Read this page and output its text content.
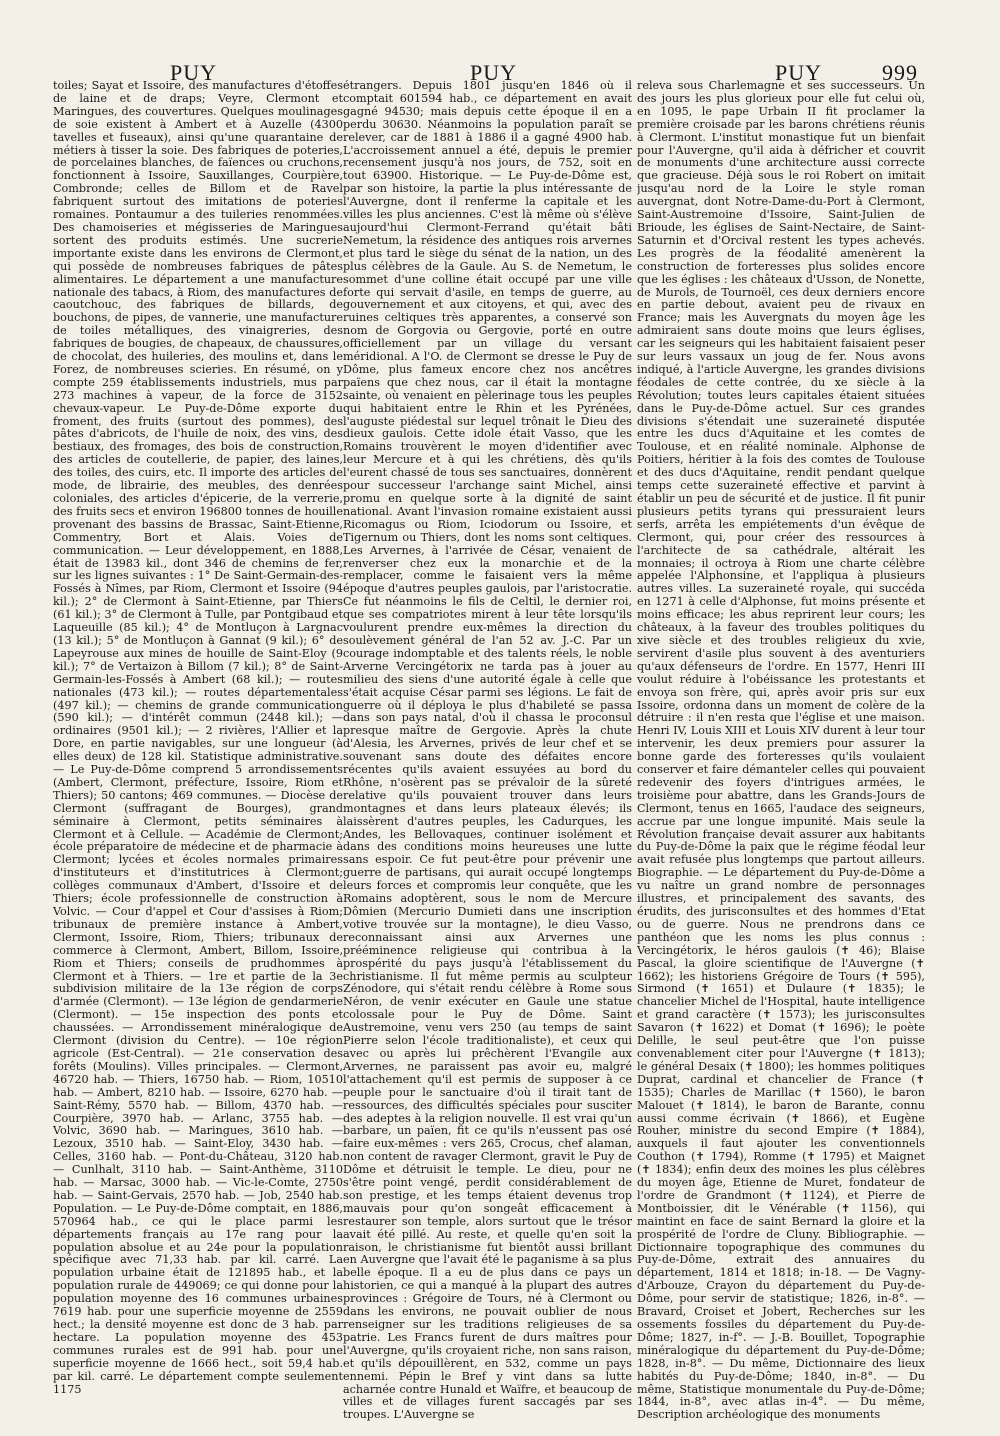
PUY	PUY	PUY	999

toiles; Sayat et Issoire, des manufactures d'étoffes de laine et de draps; Veyre, Clermont et Maringues, des couvertures. Quelques moulinages de soie existent à Ambert et à Auzelle (4300 tavelles et fuseaux), ainsi qu'une quarantaine de métiers à tisser la soie. Des fabriques de poteries, de porcelaines blanches, de faïences ou cruchons, fonctionnent à Issoire, Sauxillanges, Courpière, Combronde; celles de Billom et de Ravel fabriquent surtout des imitations de poteries romaines. Pontaumur a des tuileries renommées. Des chamoiseries et mégisseries de Maringues sortent des produits estimés. Une sucrerie importante existe dans les environs de Clermont, qui possède de nombreuses fabriques de pâtes alimentaires. Le département a une manufacture nationale des tabacs, à Riom, des manufactures de caoutchouc, des fabriques de billards, de bouchons, de pipes, de vannerie, une manufacture de toiles métalliques, des vinaigreries, des fabriques de bougies, de chapeaux, de chaussures, de chocolat, des huileries, des moulins et, dans le Forez, de nombreuses scieries. En résumé, on y compte 259 établissements industriels, mus par 273 machines à vapeur, de la force de 3152 chevaux-vapeur. Le Puy-de-Dôme exporte du froment, des fruits (surtout des pommes), des pâtes d'abricots, de l'huile de noix, des vins, des bestiaux, des fromages, des bois de construction, des articles de coutellerie, de papier, des laines, des toiles, des cuirs, etc. Il importe des articles de mode, de librairie, des meubles, des denrées coloniales, des articles d'épicerie, de la verrerie, des fruits secs et environ 196800 tonnes de houille provenant des bassins de Brassac, Saint-Etienne, Commentry, Bort et Alais. Voies de communication. — Leur développement, en 1888, était de 13983 kil., dont 346 de chemins de fer, sur les lignes suivantes : 1° De Saint-Germain-des-Fossés à Nîmes, par Riom, Clermont et Issoire (94 kil.); 2° de Clermont à Saint-Etienne, par Thiers (61 kil.); 3° de Clermont à Tulle, par Pontgibaud et Laqueuille (85 kil.); 4° de Montluçon à Largnac (13 kil.); 5° de Montluçon à Gannat (9 kil.); 6° de Lapeyrouse aux mines de houille de Saint-Eloy (9 kil.); 7° de Vertaizon à Billom (7 kil.); 8° de Saint-Germain-les-Fossés à Ambert (68 kil.); — routes nationales (473 kil.); — routes départementales (497 kil.); — chemins de grande communication (590 kil.); — d'intérêt commun (2448 kil.); — ordinaires (9501 kil.); — 2 rivières, l'Allier et la Dore, en partie navigables, sur une longueur (à elles deux) de 128 kil. Statistique administrative. — Le Puy-de-Dôme comprend 5 arrondissements (Ambert, Clermont, préfecture, Issoire, Riom et Thiers); 50 cantons; 469 communes. — Diocèse de Clermont (suffragant de Bourges), grand séminaire à Clermont, petits séminaires à Clermont et à Cellule. — Académie de Clermont; école préparatoire de médecine et de pharmacie à Clermont; lycées et écoles normales primaires d'instituteurs et d'institutrices à Clermont; collèges communaux d'Ambert, d'Issoire et de Thiers; école professionnelle de construction à Volvic. — Cour d'appel et Cour d'assises à Riom; tribunaux de première instance à Ambert, Clermont, Issoire, Riom, Thiers; tribunaux de commerce à Clermont, Ambert, Billom, Issoire, Riom et Thiers; conseils de prudhommes à Clermont et à Thiers. — 1re et partie de la 3e subdivision militaire de la 13e région de corps d'armée (Clermont). — 13e légion de gendarmerie (Clermont). — 15e inspection des ponts et chaussées. — Arrondissement minéralogique de Clermont (division du Centre). — 10e région agricole (Est-Central). — 21e conservation des forêts (Moulins). Villes principales. — Clermont, 46720 hab. — Thiers, 16750 hab. — Riom, 10510 hab. — Ambert, 8210 hab. — Issoire, 6270 hab. — Saint-Rémy, 5570 hab. — Billom, 4370 hab. — Courpière, 3970 hab. — Arlanc, 3755 hab. — Volvic, 3690 hab. — Maringues, 3610 hab. — Lezoux, 3510 hab. — Saint-Eloy, 3430 hab. — Celles, 3160 hab. — Pont-du-Château, 3120 hab. — Cunlhalt, 3110 hab. — Saint-Anthème, 3110 hab. — Marsac, 3000 hab. — Vic-le-Comte, 2750 hab. — Saint-Gervais, 2570 hab. — Job, 2540 hab. Population. — Le Puy-de-Dôme comptait, en 1886, 570964 hab., ce qui le place parmi les départements français au 17e rang pour la population absolue et au 24e pour la population spécifique avec 71,33 hab. par kil. carré. La population urbaine était de 121895 hab., et la population rurale de 449069; ce qui donne pour la population moyenne des 16 communes urbaines 7619 hab. pour une superficie moyenne de 2559 hect.; la densité moyenne est donc de 3 hab. par hectare. La population moyenne des 453 communes rurales est de 991 hab. pour une superficie moyenne de 1666 hect., soit 59,4 hab. par kil. carré. Le département compte seulement 1175

étrangers. Depuis 1801 jusqu'en 1846 où il comptait 601594 hab., ce département en avait gagné 94530; mais depuis cette époque il en a perdu 30630. Néanmoins la population paraît se relever, car de 1881 à 1886 il a gagné 4900 hab. L'accroissement annuel a été, depuis le premier recensement jusqu'à nos jours, de 752, soit en tout 63900. Historique. — Le Puy-de-Dôme est, par son histoire, la partie la plus intéressante de l'Auvergne, dont il renferme la capitale et les villes les plus anciennes. C'est là même où s'élève aujourd'hui Clermont-Ferrand qu'était bâti Nemetum, la résidence des antiques rois arvernes et plus tard le siège du sénat de la nation, un des plus célèbres de la Gaule. Au S. de Nemetum, le sommet d'une colline était occupé par une ville forte qui servait d'asile, en temps de guerre, au gouvernement et aux citoyens, et qui, avec des ruines celtiques très apparentes, a conservé son nom de Gorgovia ou Gergovie, porté en outre officiellement par un village du versant méridional. A l'O. de Clermont se dresse le Puy de Dôme, plus fameux encore chez nos ancêtres païens que chez nous, car il était la montagne sainte, où venaient en pèlerinage tous les peuples qui habitaient entre le Rhin et les Pyrénées, l'auguste piédestal sur lequel trônait le Dieu des dieux gaulois. Cette idole était Vasso, que les Romains trouvèrent le moyen d'identifier avec leur Mercure et à qui les chrétiens, dès qu'ils l'eurent chassé de tous ses sanctuaires, donnèrent pour successeur l'archange saint Michel, ainsi promu en quelque sorte à la dignité de saint national. Avant l'invasion romaine existaient aussi Ricomagus ou Riom, Iciodorum ou Issoire, et Tigernum ou Thiers, dont les noms sont celtiques. Les Arvernes, à l'arrivée de César, venaient de renverser chez eux la monarchie et de la remplacer, comme le faisaient vers la même époque d'autres peuples gaulois, par l'aristocratie. Ce fut néanmoins le fils de Celtil, le dernier roi, que ses compatriotes mirent à leur tête lorsqu'ils voulurent prendre eux-mêmes la direction du soulèvement général de l'an 52 av. J.-C. Par un courage indomptable et des talents réels, le noble Arverne Vercingétorix ne tarda pas à jouer au milieu des siens d'une autorité égale à celle que s'était acquise César parmi ses légions. Le fait de guerre où il déploya le plus d'habileté se passa dans son pays natal, d'où il chassa le proconsul presque maître de Gergovie. Après la chute d'Alesia, les Arvernes, privés de leur chef et se souvenant sans doute des défaites encore récentes qu'ils avaient essuyées au bord du Rhône, n'osèrent pas se prévaloir de la sûreté relative qu'ils pouvaient trouver dans leurs montagnes et dans leurs plateaux élevés; ils laissèrent d'autres peuples, les Cadurques, les Andes, les Bellovaques, continuer isolément et dans des conditions moins heureuses une lutte sans espoir. Ce fut peut-être pour prévenir une guerre de partisans, qui aurait occupé longtemps leurs forces et compromis leur conquête, que les Romains adoptèrent, sous le nom de Mercure Dômien (Mercurio Dumieti dans une inscription votive trouvée sur la montagne), le dieu Vasso, reconnaissant ainsi aux Arvernes une prééminence religieuse qui contribua à la prospérité du pays jusqu'à l'établissement du christianisme. Il fut même permis au sculpteur Zénodore, qui s'était rendu célèbre à Rome sous Néron, de venir exécuter en Gaule une statue colossale pour le Puy de Dôme. Saint Austremoine, venu vers 250 (au temps de saint Pierre selon l'école traditionaliste), et ceux qui avec ou après lui prêchèrent l'Evangile aux Arvernes, ne paraissent pas avoir eu, malgré l'attachement qu'il est permis de supposer à ce peuple pour le sanctuaire d'où il tirait tant de ressources, des difficultés spéciales pour susciter des adeptes à la religion nouvelle. Il est vrai qu'un barbare, un païen, fit ce qu'ils n'eussent pas osé faire eux-mêmes : vers 265, Crocus, chef alaman, non content de ravager Clermont, gravit le Puy de Dôme et détruisit le temple. Le dieu, pour ne s'être point vengé, perdit considérablement de son prestige, et les temps étaient devenus trop mauvais pour qu'on songeât efficacement à restaurer son temple, alors surtout que le trésor avait été pillé. Au reste, et quelle qu'en soit la raison, le christianisme fut bientôt aussi brillant en Auvergne que l'avait été le paganisme à sa plus belle époque. Il a eu de plus dans ce pays un historien, ce qui a manqué à la plupart des autres provinces : Grégoire de Tours, né à Clermont ou dans les environs, ne pouvait oublier de nous renseigner sur les traditions religieuses de sa patrie. Les Francs furent de durs maîtres pour l'Auvergne, qu'ils croyaient riche, non sans raison, et qu'ils dépouillèrent, en 532, comme un pays ennemi. Pépin le Bref y vint dans sa lutte acharnée contre Hunald et Waïfre, et beaucoup de villes et de villages furent saccagés par ses troupes. L'Auvergne se

releva sous Charlemagne et ses successeurs. Un des jours les plus glorieux pour elle fut celui où, en 1095, le pape Urbain II fit proclamer la première croisade par les barons chrétiens réunis à Clermont. L'institut monastique fut un bienfait pour l'Auvergne, qu'il aida à défricher et couvrit de monuments d'une architecture aussi correcte que gracieuse. Déjà sous le roi Robert on imitait jusqu'au nord de la Loire le style roman auvergnat, dont Notre-Dame-du-Port à Clermont, Saint-Austremoine d'Issoire, Saint-Julien de Brioude, les églises de Saint-Nectaire, de Saint-Saturnin et d'Orcival restent les types achevés. Les progrès de la féodalité amenèrent la construction de forteresses plus solides encore que les églises : les châteaux d'Usson, de Nonette, de Murols, de Tournoël, ces deux derniers encore en partie debout, avaient peu de rivaux en France; mais les Auvergnats du moyen âge les admiraient sans doute moins que leurs églises, car les seigneurs qui les habitaient faisaient peser sur leurs vassaux un joug de fer. Nous avons indiqué, à l'article Auvergne, les grandes divisions féodales de cette contrée, du xe siècle à la Révolution; toutes leurs capitales étaient situées dans le Puy-de-Dôme actuel. Sur ces grandes divisions s'étendait une suzeraineté disputée entre les ducs d'Aquitaine et les comtes de Toulouse, et en réalité nominale. Alphonse de Poitiers, héritier à la fois des comtes de Toulouse et des ducs d'Aquitaine, rendit pendant quelque temps cette suzeraineté effective et parvint à établir un peu de sécurité et de justice. Il fit punir plusieurs petits tyrans qui pressuraient leurs serfs, arrêta les empiétements d'un évêque de Clermont, qui, pour créer des ressources à l'architecte de sa cathédrale, altérait les monnaies; il octroya à Riom une charte célèbre appelée l'Alphonsine, et l'appliqua à plusieurs autres villes. La suzeraineté royale, qui succéda en 1271 à celle d'Alphonse, fut moins présente et moins efficace; les abus reprirent leur cours; les châteaux, à la faveur des troubles politiques du xive siècle et des troubles religieux du xvie, servirent d'asile plus souvent à des aventuriers qu'aux défenseurs de l'ordre. En 1577, Henri III voulut réduire à l'obéissance les protestants et envoya son frère, qui, après avoir pris sur eux Issoire, ordonna dans un moment de colère de la détruire : il n'en resta que l'église et une maison. Henri IV, Louis XIII et Louis XIV durent à leur tour intervenir, les deux premiers pour assurer la bonne garde des forteresses qu'ils voulaient conserver et faire démanteler celles qui pouvaient redevenir des foyers d'intrigues armées, le troisième pour abattre, dans les Grands-Jours de Clermont, tenus en 1665, l'audace des seigneurs, accrue par une longue impunité. Mais seule la Révolution française devait assurer aux habitants du Puy-de-Dôme la paix que le régime féodal leur avait refusée plus longtemps que partout ailleurs. Biographie. — Le département du Puy-de-Dôme a vu naître un grand nombre de personnages illustres, et principalement des savants, des érudits, des jurisconsultes et des hommes d'Etat ou de guerre. Nous ne prendrons dans ce panthéon que les noms les plus connus : Vercingétorix, le héros gaulois (✝ 46); Blaise Pascal, la gloire scientifique de l'Auvergne (✝ 1662); les historiens Grégoire de Tours (✝ 595), Sirmond (✝ 1651) et Dulaure (✝ 1835); le chancelier Michel de l'Hospital, haute intelligence et grand caractère (✝ 1573); les jurisconsultes Savaron (✝ 1622) et Domat (✝ 1696); le poète Delille, le seul peut-être que l'on puisse convenablement citer pour l'Auvergne (✝ 1813); le général Desaix (✝ 1800); les hommes politiques Duprat, cardinal et chancelier de France (✝ 1535); Charles de Marillac (✝ 1560), le baron Malouet (✝ 1814), le baron de Barante, connu aussi comme écrivain (✝ 1866), et Eugène Rouher, ministre du second Empire (✝ 1884), auxquels il faut ajouter les conventionnels Couthon (✝ 1794), Romme (✝ 1795) et Maignet (✝ 1834); enfin deux des moines les plus célèbres du moyen âge, Etienne de Muret, fondateur de l'ordre de Grandmont (✝ 1124), et Pierre de Montboissier, dit le Vénérable (✝ 1156), qui maintint en face de saint Bernard la gloire et la prospérité de l'ordre de Cluny. Bibliographie. — Dictionnaire topographique des communes du Puy-de-Dôme, extrait des annuaires du département, 1814 et 1818; in-18. — De Vagny-d'Arbouze, Crayon du département du Puy-de-Dôme, pour servir de statistique; 1826, in-8°. — Bravard, Croiset et Jobert, Recherches sur les ossements fossiles du département du Puy-de-Dôme; 1827, in-f°. — J.-B. Bouillet, Topographie minéralogique du département du Puy-de-Dôme; 1828, in-8°. — Du même, Dictionnaire des lieux habités du Puy-de-Dôme; 1840, in-8°. — Du même, Statistique monumentale du Puy-de-Dôme; 1844, in-8°, avec atlas in-4°. — Du même, Description archéologique des monuments
